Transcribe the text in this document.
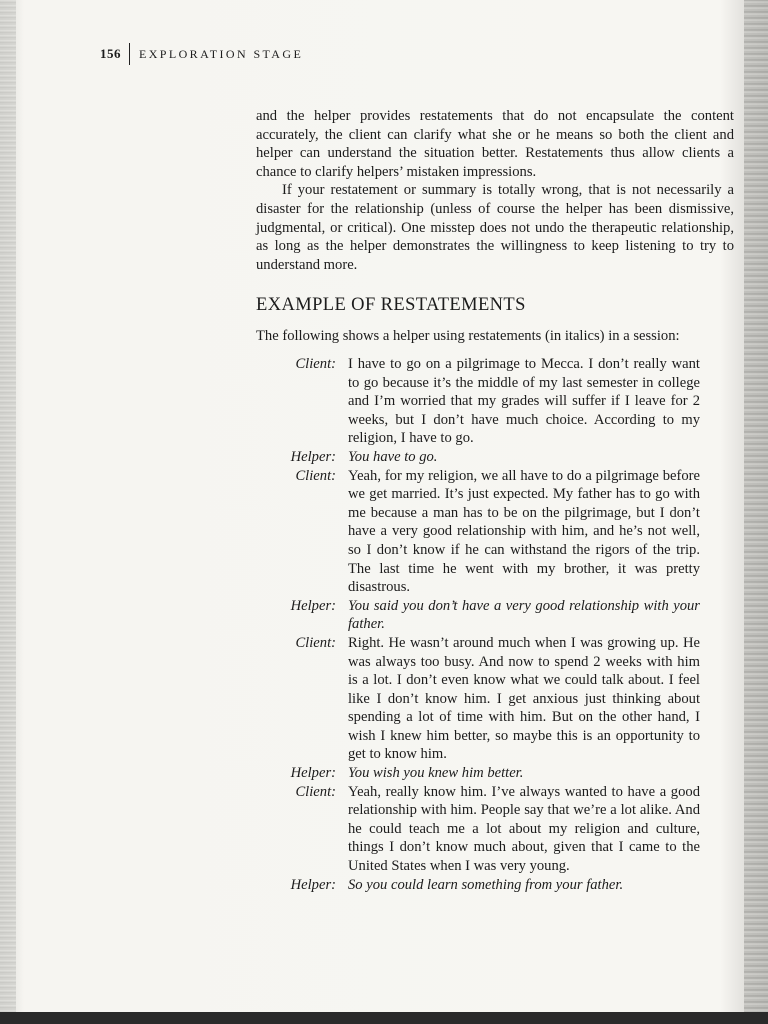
156 EXPLORATION STAGE

and the helper provides restatements that do not encapsulate the content accurately, the client can clarify what she or he means so both the client and helper can understand the situation better. Restatements thus allow clients a chance to clarify helpers’ mistaken impressions.

If your restatement or summary is totally wrong, that is not necessarily a disaster for the relationship (unless of course the helper has been dismissive, judgmental, or critical). One misstep does not undo the therapeutic relationship, as long as the helper demonstrates the willingness to keep listening to try to understand more.

EXAMPLE OF RESTATEMENTS

The following shows a helper using restatements (in italics) in a session:

Client: I have to go on a pilgrimage to Mecca. I don’t really want to go because it’s the middle of my last semester in college and I’m worried that my grades will suffer if I leave for 2 weeks, but I don’t have much choice. According to my religion, I have to go.
Helper: You have to go.
Client: Yeah, for my religion, we all have to do a pilgrimage before we get married. It’s just expected. My father has to go with me because a man has to be on the pilgrimage, but I don’t have a very good relationship with him, and he’s not well, so I don’t know if he can withstand the rigors of the trip. The last time he went with my brother, it was pretty disastrous.
Helper: You said you don’t have a very good relationship with your father.
Client: Right. He wasn’t around much when I was growing up. He was always too busy. And now to spend 2 weeks with him is a lot. I don’t even know what we could talk about. I feel like I don’t know him. I get anxious just thinking about spending a lot of time with him. But on the other hand, I wish I knew him better, so maybe this is an opportunity to get to know him.
Helper: You wish you knew him better.
Client: Yeah, really know him. I’ve always wanted to have a good relationship with him. People say that we’re a lot alike. And he could teach me a lot about my religion and culture, things I don’t know much about, given that I came to the United States when I was very young.
Helper: So you could learn something from your father.
